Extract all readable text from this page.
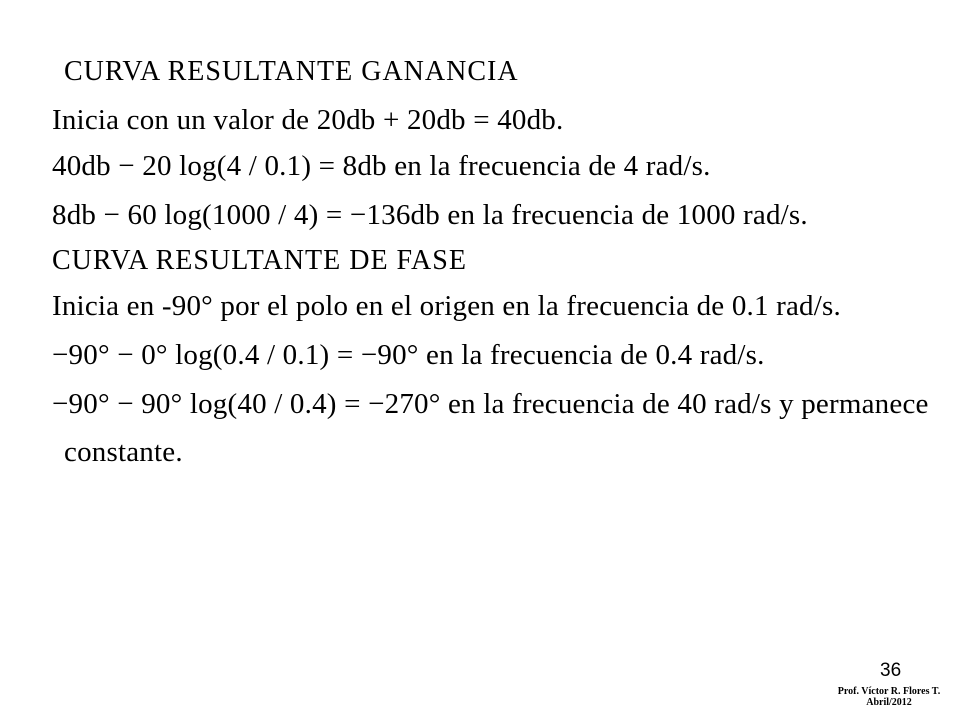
CURVA RESULTANTE GANANCIA
Inicia con un valor de 20db + 20db = 40db.
40db − 20 log(4 / 0.1) = 8db en la frecuencia de 4 rad/s.
8db − 60 log(1000 / 4) = −136db en la frecuencia de 1000 rad/s.
CURVA RESULTANTE DE FASE
Inicia en -90° por el polo en el origen en la frecuencia de 0.1 rad/s.
−90° − 0° log(0.4 / 0.1) = −90° en la frecuencia de 0.4 rad/s.
−90° − 90° log(40 / 0.4) = −270° en la frecuencia de 40 rad/s y permanece
constante.
36
Prof. Víctor R. Flores T.
Abril/2012
